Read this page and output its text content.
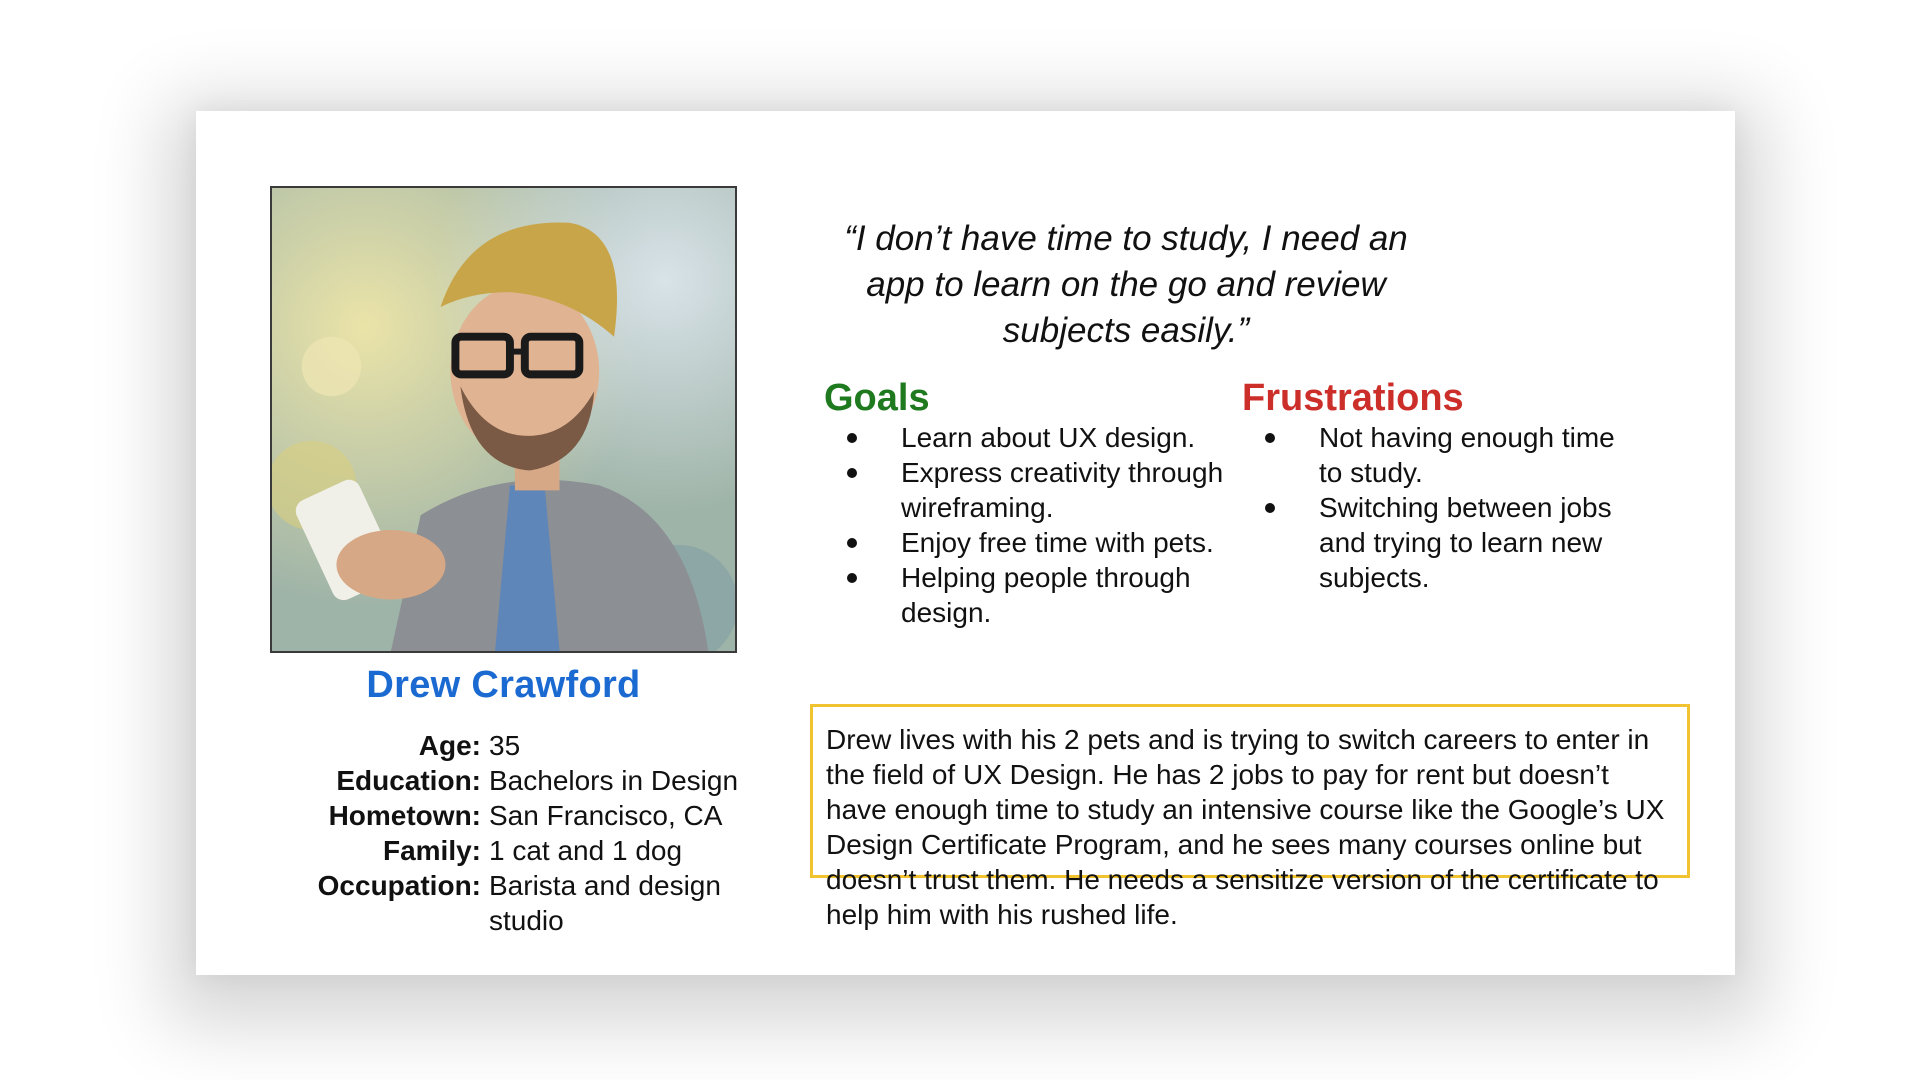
Drew Crawford
Age: 35
Education: Bachelors in Design
Hometown: San Francisco, CA
Family: 1 cat and 1 dog
Occupation: Barista and design studio
“I don’t have time to study, I need an app to learn on the go and review subjects easily.”
Goals
Learn about UX design.
Express creativity through wireframing.
Enjoy free time with pets.
Helping people through design.
Frustrations
Not having enough time to study.
Switching between jobs and trying to learn new subjects.
Drew lives with his 2 pets and is trying to switch careers to enter in the field of UX Design. He has 2 jobs to pay for rent but doesn’t have enough time to study an intensive course like the Google’s UX Design Certificate Program, and he sees many courses online but doesn’t trust them. He needs a sensitize version of the certificate to help him with his rushed life.
